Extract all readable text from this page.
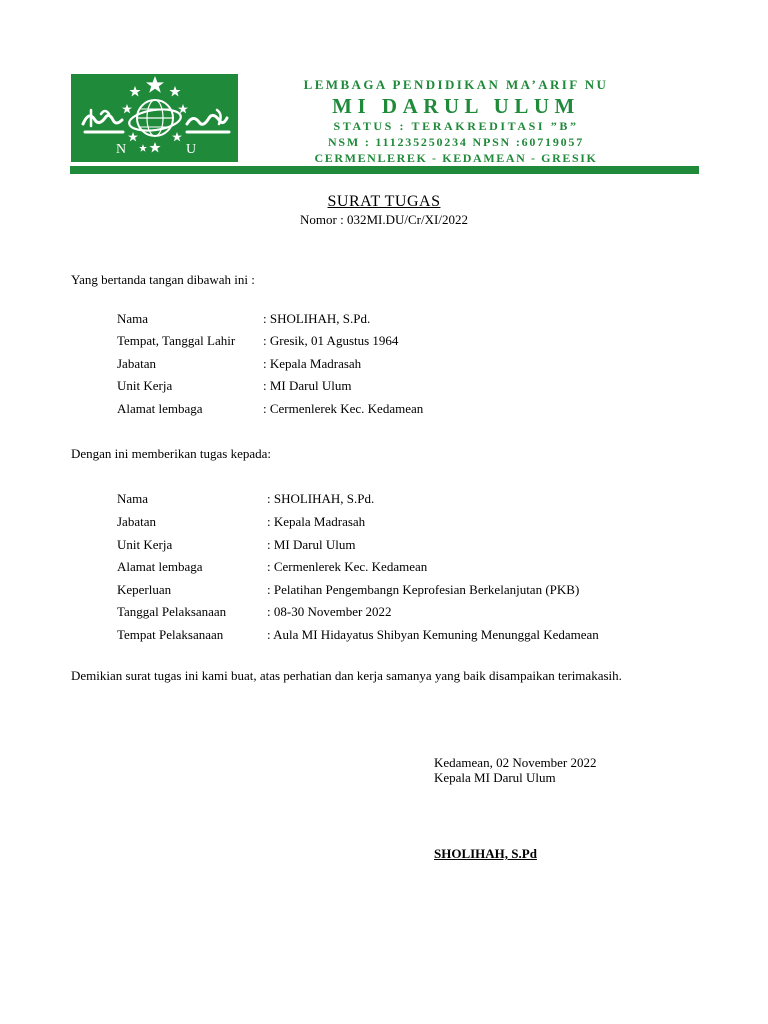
N	U
LEMBAGA PENDIDIKAN MA’ARIF NU
MI DARUL ULUM
STATUS : TERAKREDITASI ”B”
NSM : 111235250234 NPSN :60719057
CERMENLEREK - KEDAMEAN - GRESIK
SURAT TUGAS
Nomor : 032MI.DU/Cr/XI/2022
Yang bertanda tangan dibawah ini :
Nama	: SHOLIHAH, S.Pd.
Tempat, Tanggal Lahir : Gresik, 01 Agustus 1964
Jabatan	: Kepala Madrasah
Unit Kerja	: MI Darul Ulum
Alamat lembaga	: Cermenlerek Kec. Kedamean
Dengan ini memberikan tugas kepada:
Nama	: SHOLIHAH, S.Pd.
Jabatan	: Kepala Madrasah
Unit Kerja	: MI Darul Ulum
Alamat lembaga	: Cermenlerek Kec. Kedamean
Keperluan	: Pelatihan Pengembangn Keprofesian Berkelanjutan (PKB)
Tanggal Pelaksanaan	: 08-30 November 2022
Tempat Pelaksanaan	: Aula MI Hidayatus Shibyan Kemuning Menunggal Kedamean
Demikian surat tugas ini kami buat, atas perhatian dan kerja samanya yang baik disampaikan terimakasih.
Kedamean, 02 November 2022
Kepala MI Darul Ulum
SHOLIHAH, S.Pd
